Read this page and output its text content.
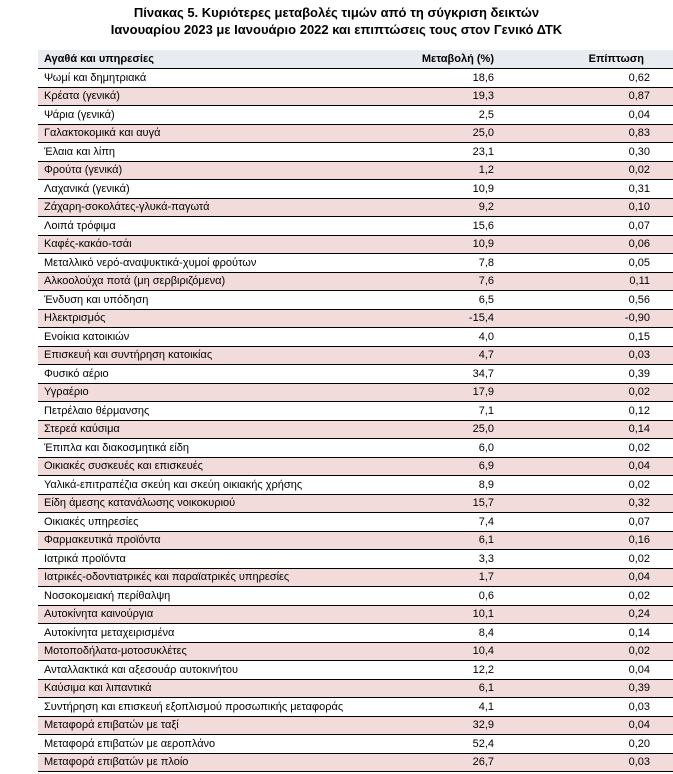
Πίνακας 5. Κυριότερες μεταβολές τιμών από τη σύγκριση δεικτών
Ιανουαρίου 2023 με Ιανουάριο 2022 και επιπτώσεις τους στον Γενικό ΔΤΚ
Αγαθά και υπηρεσίες	Μεταβολή (%)	Επίπτωση
Ψωμί και δημητριακά	18,6	0,62
Κρέατα (γενικά)	19,3	0,87
Ψάρια (γενικά)	2,5	0,04
Γαλακτοκομικά και αυγά	25,0	0,83
Έλαια και λίπη	23,1	0,30
Φρούτα (γενικά)	1,2	0,02
Λαχανικά (γενικά)	10,9	0,31
Ζάχαρη-σοκολάτες-γλυκά-παγωτά	9,2	0,10
Λοιπά τρόφιμα	15,6	0,07
Καφές-κακάο-τσάι	10,9	0,06
Μεταλλικό νερό-αναψυκτικά-χυμοί φρούτων	7,8	0,05
Αλκοολούχα ποτά (μη σερβιριζόμενα)	7,6	0,11
Ένδυση και υπόδηση	6,5	0,56
Ηλεκτρισμός	-15,4	-0,90
Ενοίκια κατοικιών	4,0	0,15
Επισκευή και συντήρηση κατοικίας	4,7	0,03
Φυσικό αέριο	34,7	0,39
Υγραέριο	17,9	0,02
Πετρέλαιο θέρμανσης	7,1	0,12
Στερεά καύσιμα	25,0	0,14
Έπιπλα και διακοσμητικά είδη	6,0	0,02
Οικιακές συσκευές και επισκευές	6,9	0,04
Υαλικά-επιτραπέζια σκεύη και σκεύη οικιακής χρήσης	8,9	0,02
Είδη άμεσης κατανάλωσης νοικοκυριού	15,7	0,32
Οικιακές υπηρεσίες	7,4	0,07
Φαρμακευτικά προϊόντα	6,1	0,16
Ιατρικά προϊόντα	3,3	0,02
Ιατρικές-οδοντιατρικές και παραϊατρικές υπηρεσίες	1,7	0,04
Νοσοκομειακή περίθαλψη	0,6	0,02
Αυτοκίνητα καινούργια	10,1	0,24
Αυτοκίνητα μεταχειρισμένα	8,4	0,14
Μοτοποδήλατα-μοτοσυκλέτες	10,4	0,02
Ανταλλακτικά και αξεσουάρ αυτοκινήτου	12,2	0,04
Καύσιμα και λιπαντικά	6,1	0,39
Συντήρηση και επισκευή εξοπλισμού προσωπικής μεταφοράς	4,1	0,03
Μεταφορά επιβατών με ταξί	32,9	0,04
Μεταφορά επιβατών με αεροπλάνο	52,4	0,20
Μεταφορά επιβατών με πλοίο	26,7	0,03
